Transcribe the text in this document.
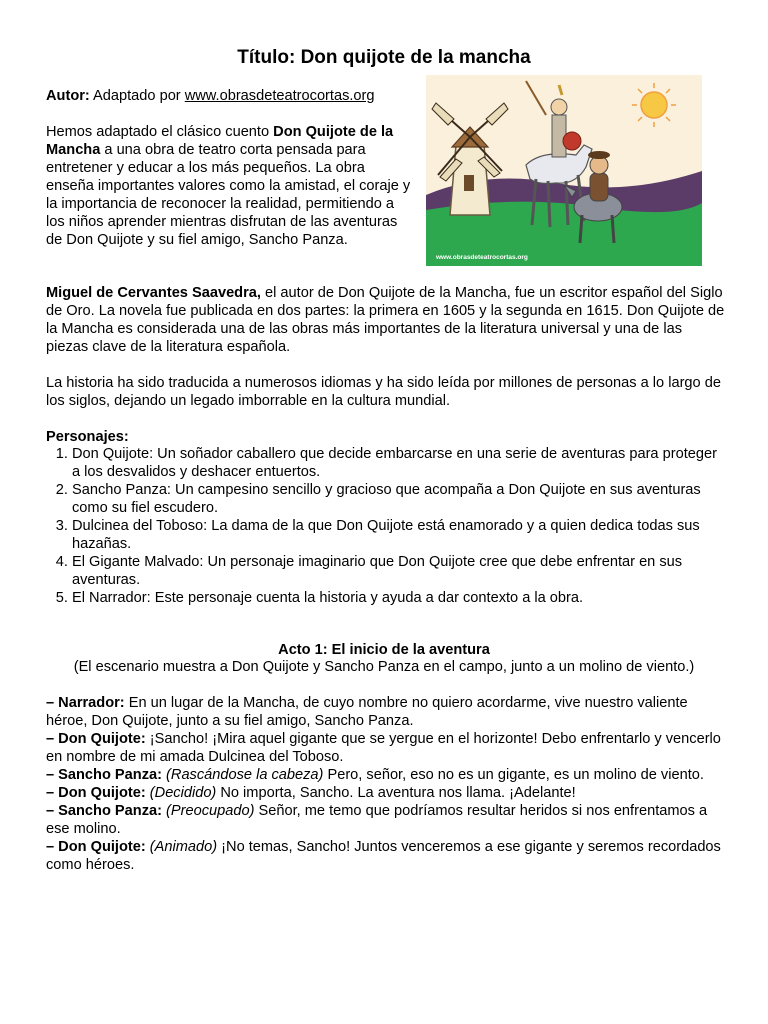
Título: Don quijote de la mancha

Autor: Adaptado por www.obrasdeteatrocortas.org

Hemos adaptado el clásico cuento Don Quijote de la Mancha a una obra de teatro corta pensada para entretener y educar a los más pequeños. La obra enseña importantes valores como la amistad, el coraje y la importancia de reconocer la realidad, permitiendo a los niños aprender mientras disfrutan de las aventuras de Don Quijote y su fiel amigo, Sancho Panza.

www.obrasdeteatrocortas.org

Miguel de Cervantes Saavedra, el autor de Don Quijote de la Mancha, fue un escritor español del Siglo de Oro. La novela fue publicada en dos partes: la primera en 1605 y la segunda en 1615. Don Quijote de la Mancha es considerada una de las obras más importantes de la literatura universal y una de las piezas clave de la literatura española.

La historia ha sido traducida a numerosos idiomas y ha sido leída por millones de personas a lo largo de los siglos, dejando un legado imborrable en la cultura mundial.

Personajes:

1. Don Quijote: Un soñador caballero que decide embarcarse en una serie de aventuras para proteger a los desvalidos y deshacer entuertos.
2. Sancho Panza: Un campesino sencillo y gracioso que acompaña a Don Quijote en sus aventuras como su fiel escudero.
3. Dulcinea del Toboso: La dama de la que Don Quijote está enamorado y a quien dedica todas sus hazañas.
4. El Gigante Malvado: Un personaje imaginario que Don Quijote cree que debe enfrentar en sus aventuras.
5. El Narrador: Este personaje cuenta la historia y ayuda a dar contexto a la obra.

Acto 1: El inicio de la aventura

(El escenario muestra a Don Quijote y Sancho Panza en el campo, junto a un molino de viento.)

– Narrador: En un lugar de la Mancha, de cuyo nombre no quiero acordarme, vive nuestro valiente héroe, Don Quijote, junto a su fiel amigo, Sancho Panza.

– Don Quijote: ¡Sancho! ¡Mira aquel gigante que se yergue en el horizonte! Debo enfrentarlo y vencerlo en nombre de mi amada Dulcinea del Toboso.

– Sancho Panza: (Rascándose la cabeza) Pero, señor, eso no es un gigante, es un molino de viento.

– Don Quijote: (Decidido) No importa, Sancho. La aventura nos llama. ¡Adelante!

– Sancho Panza: (Preocupado) Señor, me temo que podríamos resultar heridos si nos enfrentamos a ese molino.

– Don Quijote: (Animado) ¡No temas, Sancho! Juntos venceremos a ese gigante y seremos recordados como héroes.
